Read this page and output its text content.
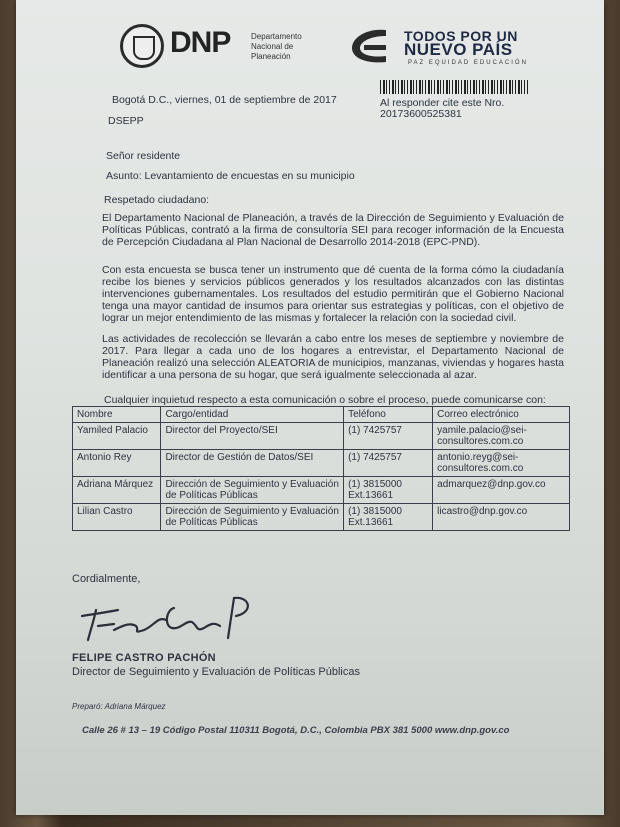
DNP	Departamento Nacional de Planeación
TODOS POR UN
NUEVO PAÍS
PAZ EQUIDAD EDUCACIÓN
Bogotá D.C., viernes, 01 de septiembre de 2017
DSEPP
Al responder cite este Nro.
20173600525381
Señor residente
Asunto: Levantamiento de encuestas en su municipio
Respetado ciudadano:

El Departamento Nacional de Planeación, a través de la Dirección de Seguimiento y Evaluación de Políticas Públicas, contrató a la firma de consultoría SEI para recoger información de la Encuesta de Percepción Ciudadana al Plan Nacional de Desarrollo 2014-2018 (EPC-PND).

Con esta encuesta se busca tener un instrumento que dé cuenta de la forma cómo la ciudadanía recibe los bienes y servicios públicos generados y los resultados alcanzados con las distintas intervenciones gubernamentales. Los resultados del estudio permitirán que el Gobierno Nacional tenga una mayor cantidad de insumos para orientar sus estrategias y políticas, con el objetivo de lograr un mejor entendimiento de las mismas y fortalecer la relación con la sociedad civil.

Las actividades de recolección se llevarán a cabo entre los meses de septiembre y noviembre de 2017. Para llegar a cada uno de los hogares a entrevistar, el Departamento Nacional de Planeación realizó una selección ALEATORIA de municipios, manzanas, viviendas y hogares hasta identificar a una persona de su hogar, que será igualmente seleccionada al azar.

Cualquier inquietud respecto a esta comunicación o sobre el proceso, puede comunicarse con:
Nombre	Cargo/entidad	Teléfono	Correo electrónico
Yamiled Palacio	Director del Proyecto/SEI	(1) 7425757	yamile.palacio@sei-consultores.com.co
Antonio Rey	Director de Gestión de Datos/SEI	(1) 7425757	antonio.reyg@sei-consultores.com.co
Adriana Márquez	Dirección de Seguimiento y Evaluación de Políticas Públicas	(1) 3815000 Ext.13661	admarquez@dnp.gov.co
Lilian Castro	Dirección de Seguimiento y Evaluación de Políticas Públicas	(1) 3815000 Ext.13661	licastro@dnp.gov.co
Cordialmente,
FELIPE CASTRO PACHÓN
Director de Seguimiento y Evaluación de Políticas Públicas
Preparó: Adriana Márquez
Calle 26 # 13 – 19 Código Postal 110311 Bogotá, D.C., Colombia PBX 381 5000 www.dnp.gov.co
